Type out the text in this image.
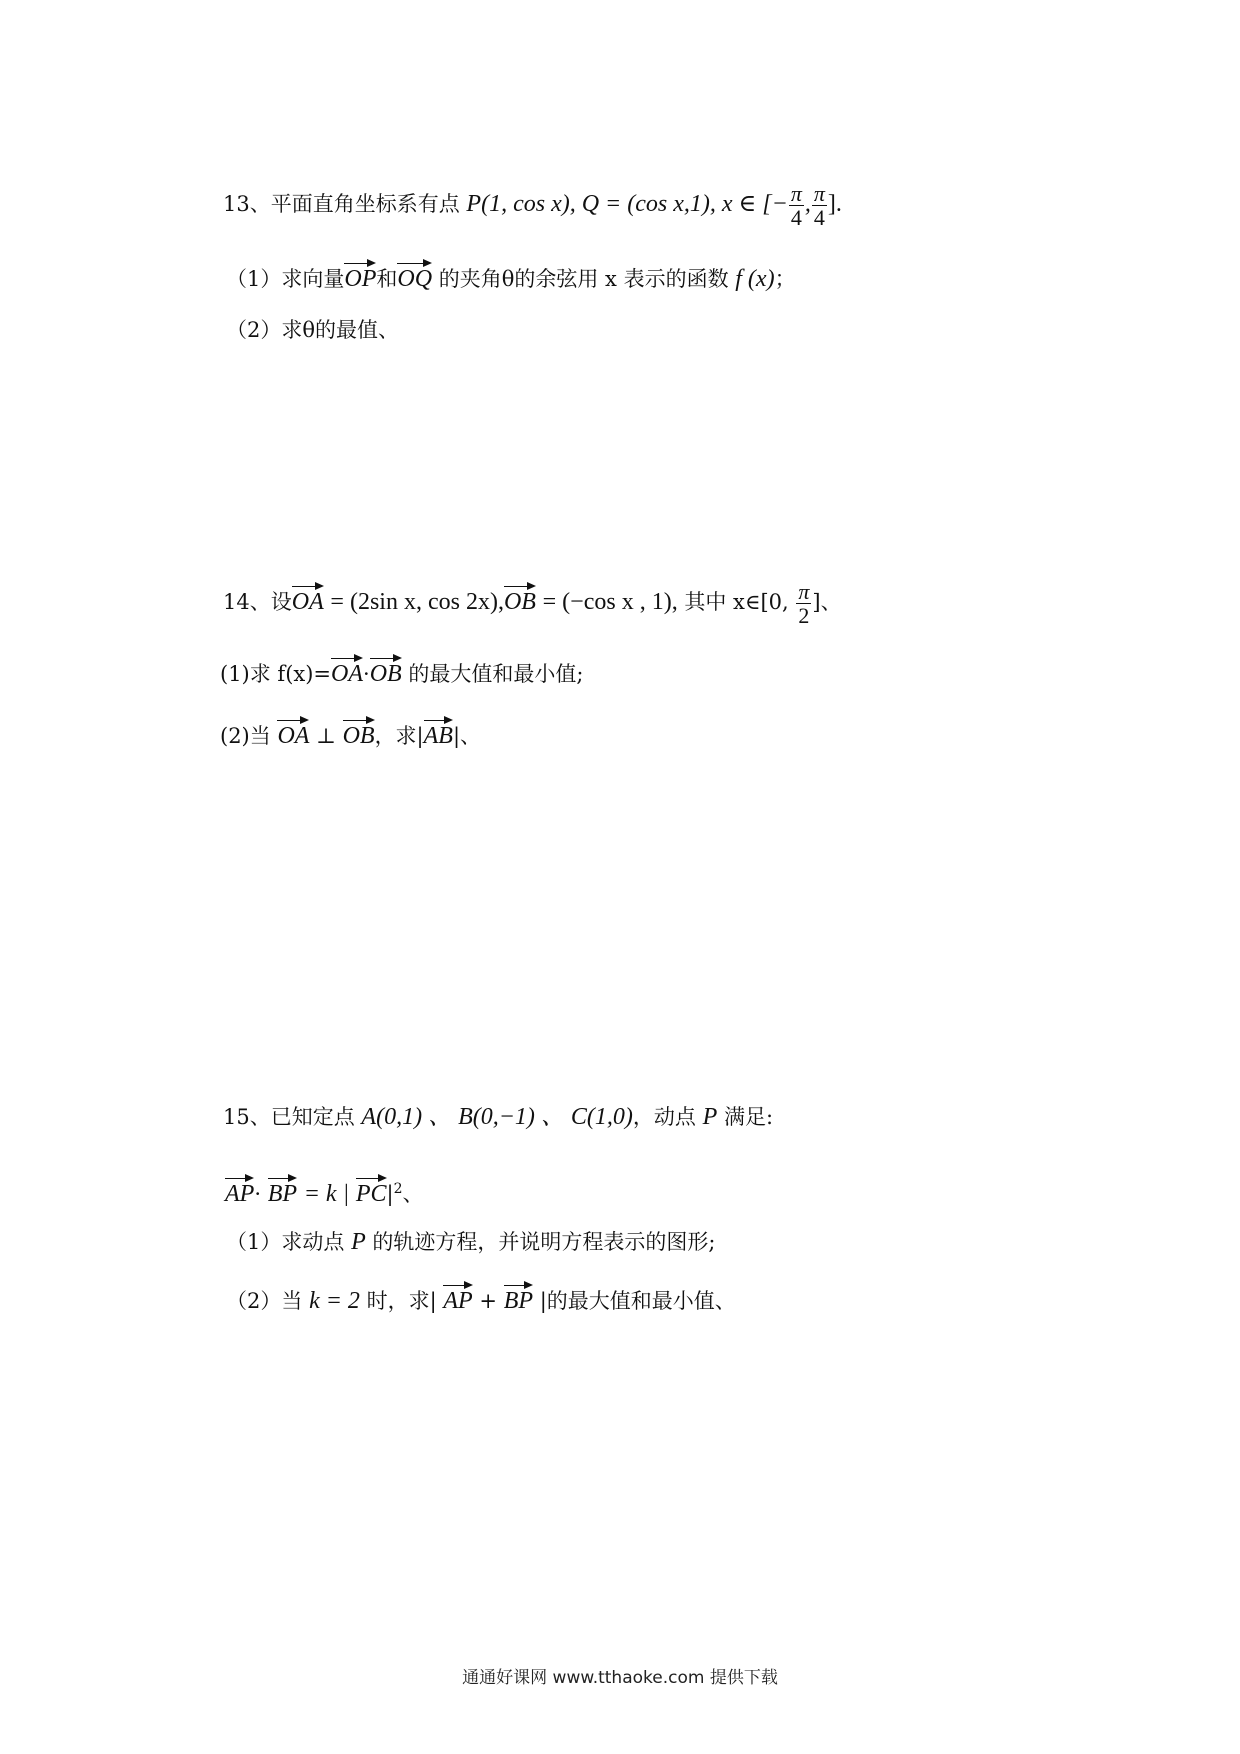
13、平面直角坐标系有点 P(1, cos x), Q = (cos x,1), x ∈ [− $\frac{\pi}{4}$ , $\frac{\pi}{4}$ ].
（1）求向量OP和OQ 的夹角θ的余弦用 x 表示的函数 f (x)；
（2）求θ的最值、
14、设OA = (2sin x, cos 2x),OB = (−cos x , 1), 其中 x∈[0, $\frac{\pi}{2}$ ]、
(1)求 f(x)=OA·OB 的最大值和最小值;
(2)当 OA ⊥ OB，求|AB|、
15、已知定点 A(0,1) 、 B(0,−1) 、 C(1,0)，动点 P 满足:
AP· BP = k | $PC|^2$、
（1）求动点 P 的轨迹方程，并说明方程表示的图形;
（2）当 k = 2 时，求| AP + BP |的最大值和最小值、
通通好课网 www.tthaoke.com 提供下载
